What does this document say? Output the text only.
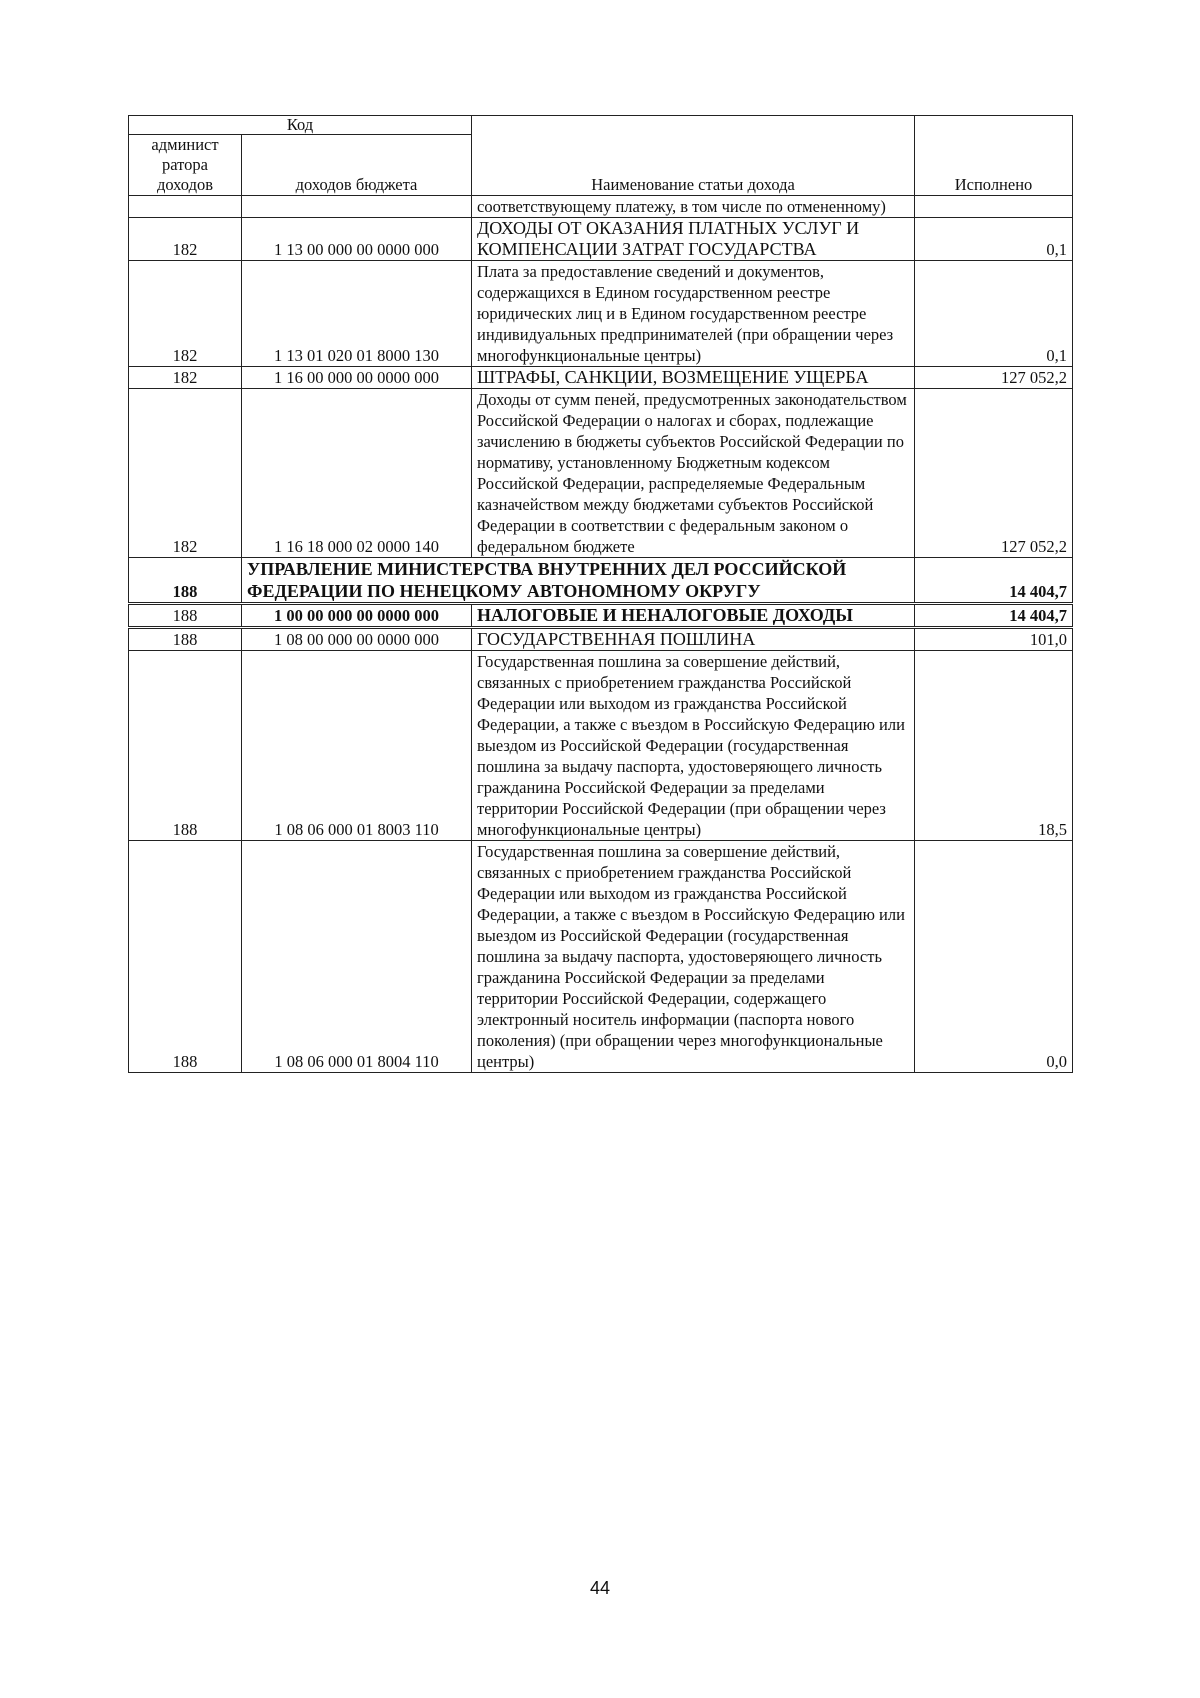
Код		Наименование статьи дохода	Исполнено
админист ратора доходов	доходов бюджета		
		соответствующему платежу, в том числе по отмененному)	
182	1 13 00 000 00 0000 000	ДОХОДЫ ОТ ОКАЗАНИЯ ПЛАТНЫХ УСЛУГ И КОМПЕНСАЦИИ ЗАТРАТ ГОСУДАРСТВА	0,1
182	1 13 01 020 01 8000 130	Плата за предоставление сведений и документов, содержащихся в Едином государственном реестре юридических лиц и в Едином государственном реестре индивидуальных предпринимателей (при обращении через многофункциональные центры)	0,1
182	1 16 00 000 00 0000 000	ШТРАФЫ, САНКЦИИ, ВОЗМЕЩЕНИЕ УЩЕРБА	127 052,2
182	1 16 18 000 02 0000 140	Доходы от сумм пеней, предусмотренных законодательством Российской Федерации о налогах и сборах, подлежащие зачислению в бюджеты субъектов Российской Федерации по нормативу, установленному Бюджетным кодексом Российской Федерации, распределяемые Федеральным казначейством между бюджетами субъектов Российской Федерации в соответствии с федеральным законом о федеральном бюджете	127 052,2
188	УПРАВЛЕНИЕ МИНИСТЕРСТВА ВНУТРЕННИХ ДЕЛ РОССИЙСКОЙ ФЕДЕРАЦИИ ПО НЕНЕЦКОМУ АВТОНОМНОМУ ОКРУГУ		14 404,7
188	1 00 00 000 00 0000 000	НАЛОГОВЫЕ И НЕНАЛОГОВЫЕ ДОХОДЫ	14 404,7
188	1 08 00 000 00 0000 000	ГОСУДАРСТВЕННАЯ ПОШЛИНА	101,0
188	1 08 06 000 01 8003 110	Государственная пошлина за совершение действий, связанных с приобретением гражданства Российской Федерации или выходом из гражданства Российской Федерации, а также с въездом в Российскую Федерацию или выездом из Российской Федерации (государственная пошлина за выдачу паспорта, удостоверяющего личность гражданина Российской Федерации за пределами территории Российской Федерации (при обращении через многофункциональные центры)	18,5
188	1 08 06 000 01 8004 110	Государственная пошлина за совершение действий, связанных с приобретением гражданства Российской Федерации или выходом из гражданства Российской Федерации, а также с въездом в Российскую Федерацию или выездом из Российской Федерации (государственная пошлина за выдачу паспорта, удостоверяющего личность гражданина Российской Федерации за пределами территории Российской Федерации, содержащего электронный носитель информации (паспорта нового поколения) (при обращении через многофункциональные центры)	0,0
44
